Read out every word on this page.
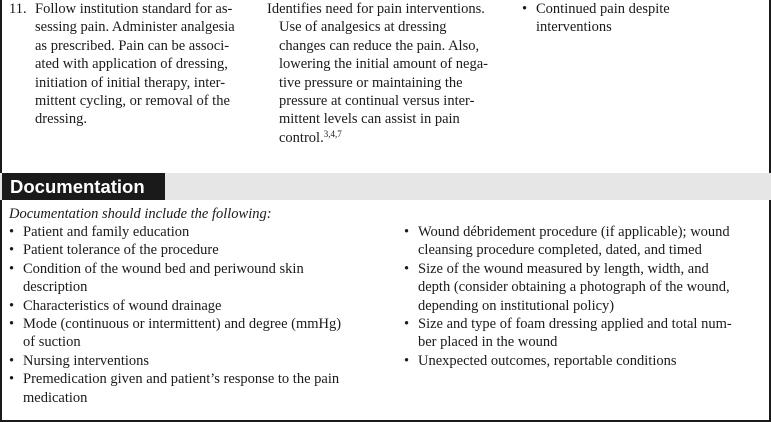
11. Follow institution standard for as-
sessing pain. Administer analgesia
as prescribed. Pain can be associ-
ated with application of dressing,
initiation of initial therapy, inter-
mittent cycling, or removal of the
dressing.
Identifies need for pain interventions.
Use of analgesics at dressing
changes can reduce the pain. Also,
lowering the initial amount of nega-
tive pressure or maintaining the
pressure at continual versus inter-
mittent levels can assist in pain
control.$^{3,4,7}$
• Continued pain despite
interventions
Documentation
Documentation should include the following:
• Patient and family education
• Patient tolerance of the procedure
• Condition of the wound bed and periwound skin
description
• Characteristics of wound drainage
• Mode (continuous or intermittent) and degree (mmHg)
of suction
• Nursing interventions
• Premedication given and patient’s response to the pain
medication
• Wound débridement procedure (if applicable); wound
cleansing procedure completed, dated, and timed
• Size of the wound measured by length, width, and
depth (consider obtaining a photograph of the wound,
depending on institutional policy)
• Size and type of foam dressing applied and total num-
ber placed in the wound
• Unexpected outcomes, reportable conditions
